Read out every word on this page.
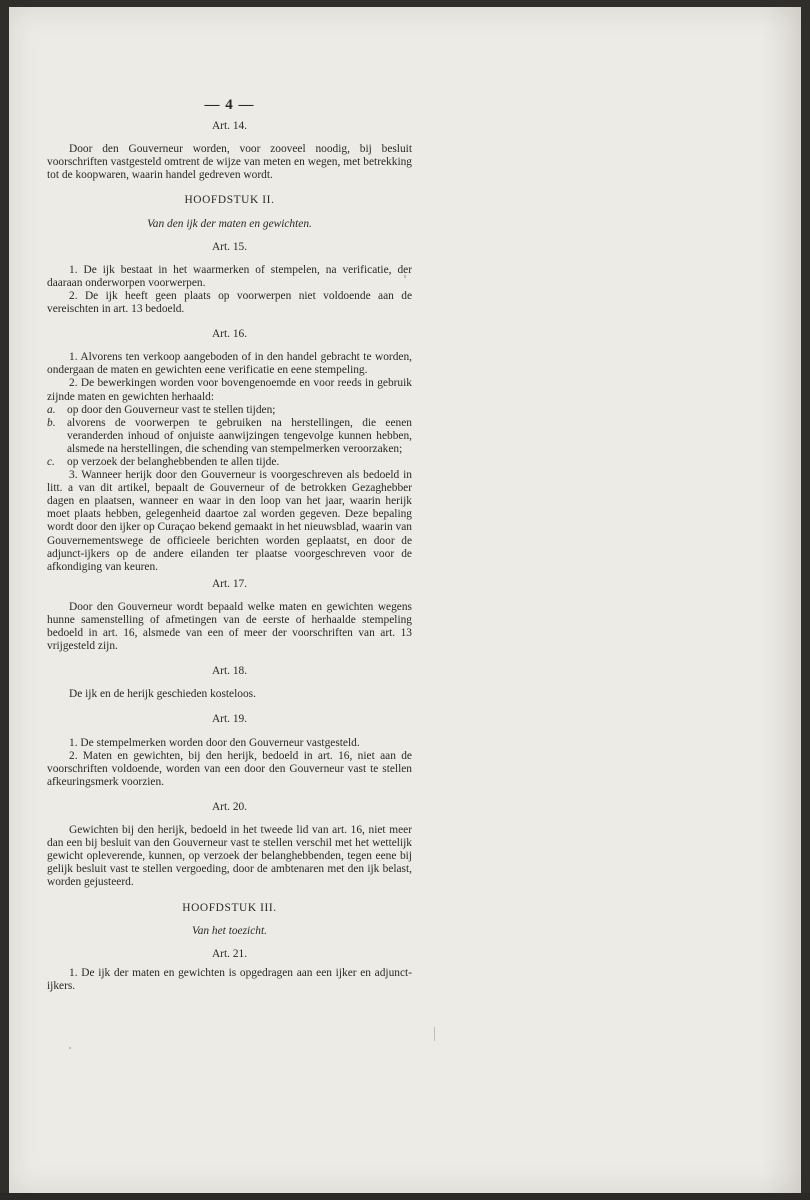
— 4 —
Art. 14.
Door den Gouverneur worden, voor zooveel noodig, bij besluit voorschriften vastgesteld omtrent de wijze van meten en wegen, met betrekking tot de koopwaren, waarin handel gedreven wordt.
HOOFDSTUK II.
Van den ijk der maten en gewichten.
Art. 15.
1. De ijk bestaat in het waarmerken of stempelen, na verificatie, der daaraan onderworpen voorwerpen.
2. De ijk heeft geen plaats op voorwerpen niet voldoende aan de vereischten in art. 13 bedoeld.
Art. 16.
1. Alvorens ten verkoop aangeboden of in den handel gebracht te worden, ondergaan de maten en gewichten eene verificatie en eene stempeling.
2. De bewerkingen worden voor bovengenoemde en voor reeds in gebruik zijnde maten en gewichten herhaald:
a.	op door den Gouverneur vast te stellen tijden;
b.	alvorens de voorwerpen te gebruiken na herstellingen, die eenen veranderden inhoud of onjuiste aanwijzingen tengevolge kunnen hebben, alsmede na herstellingen, die schending van stempelmerken veroorzaken;
c.	op verzoek der belanghebbenden te allen tijde.
3. Wanneer herijk door den Gouverneur is voorgeschreven als bedoeld in litt. a van dit artikel, bepaalt de Gouverneur of de betrokken Gezaghebber dagen en plaatsen, wanneer en waar in den loop van het jaar, waarin herijk moet plaats hebben, gelegenheid daartoe zal worden gegeven. Deze bepaling wordt door den ijker op Curaçao bekend gemaakt in het nieuwsblad, waarin van Gouvernementswege de officieele berichten worden geplaatst, en door de adjunct-ijkers op de andere eilanden ter plaatse voorgeschreven voor de afkondiging van keuren.
Art. 17.
Door den Gouverneur wordt bepaald welke maten en gewichten wegens hunne samenstelling of afmetingen van de eerste of herhaalde stempeling bedoeld in art. 16, alsmede van een of meer der voorschriften van art. 13 vrijgesteld zijn.
Art. 18.
De ijk en de herijk geschieden kosteloos.
Art. 19.
1. De stempelmerken worden door den Gouverneur vastgesteld.
2. Maten en gewichten, bij den herijk, bedoeld in art. 16, niet aan de voorschriften voldoende, worden van een door den Gouverneur vast te stellen afkeuringsmerk voorzien.
Art. 20.
Gewichten bij den herijk, bedoeld in het tweede lid van art. 16, niet meer dan een bij besluit van den Gouverneur vast te stellen verschil met het wettelijk gewicht opleverende, kunnen, op verzoek der belanghebbenden, tegen eene bij gelijk besluit vast te stellen vergoeding, door de ambtenaren met den ijk belast, worden gejusteerd.
HOOFDSTUK III.
Van het toezicht.
Art. 21.
1. De ijk der maten en gewichten is opgedragen aan een ijker en adjunct-ijkers.
